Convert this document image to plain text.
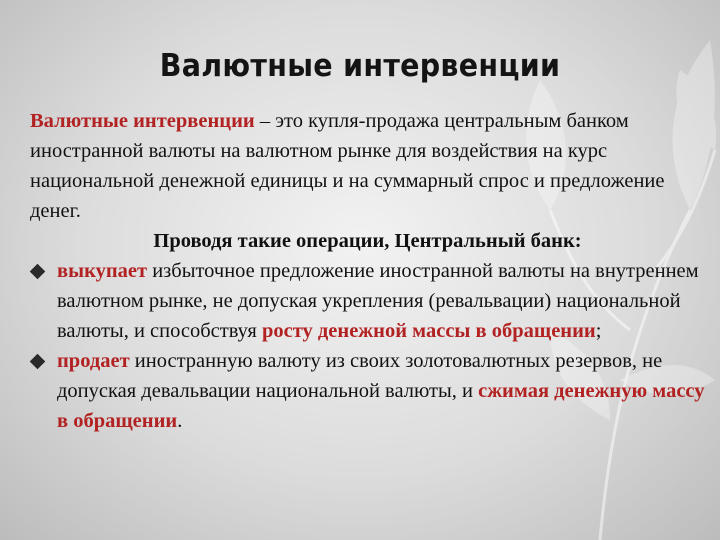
Валютные интервенции

Валютные интервенции – это купля-продажа центральным банком иностранной валюты на валютном рынке для воздействия на курс национальной денежной единицы и на суммарный спрос и предложение денег.

Проводя такие операции, Центральный банк:

выкупает избыточное предложение иностранной валюты на внутреннем валютном рынке, не допуская укрепления (ревальвации) национальной валюты, и способствуя росту денежной массы в обращении;

продает иностранную валюту из своих золотовалютных резервов, не допуская девальвации национальной валюты, и сжимая денежную массу в обращении.
